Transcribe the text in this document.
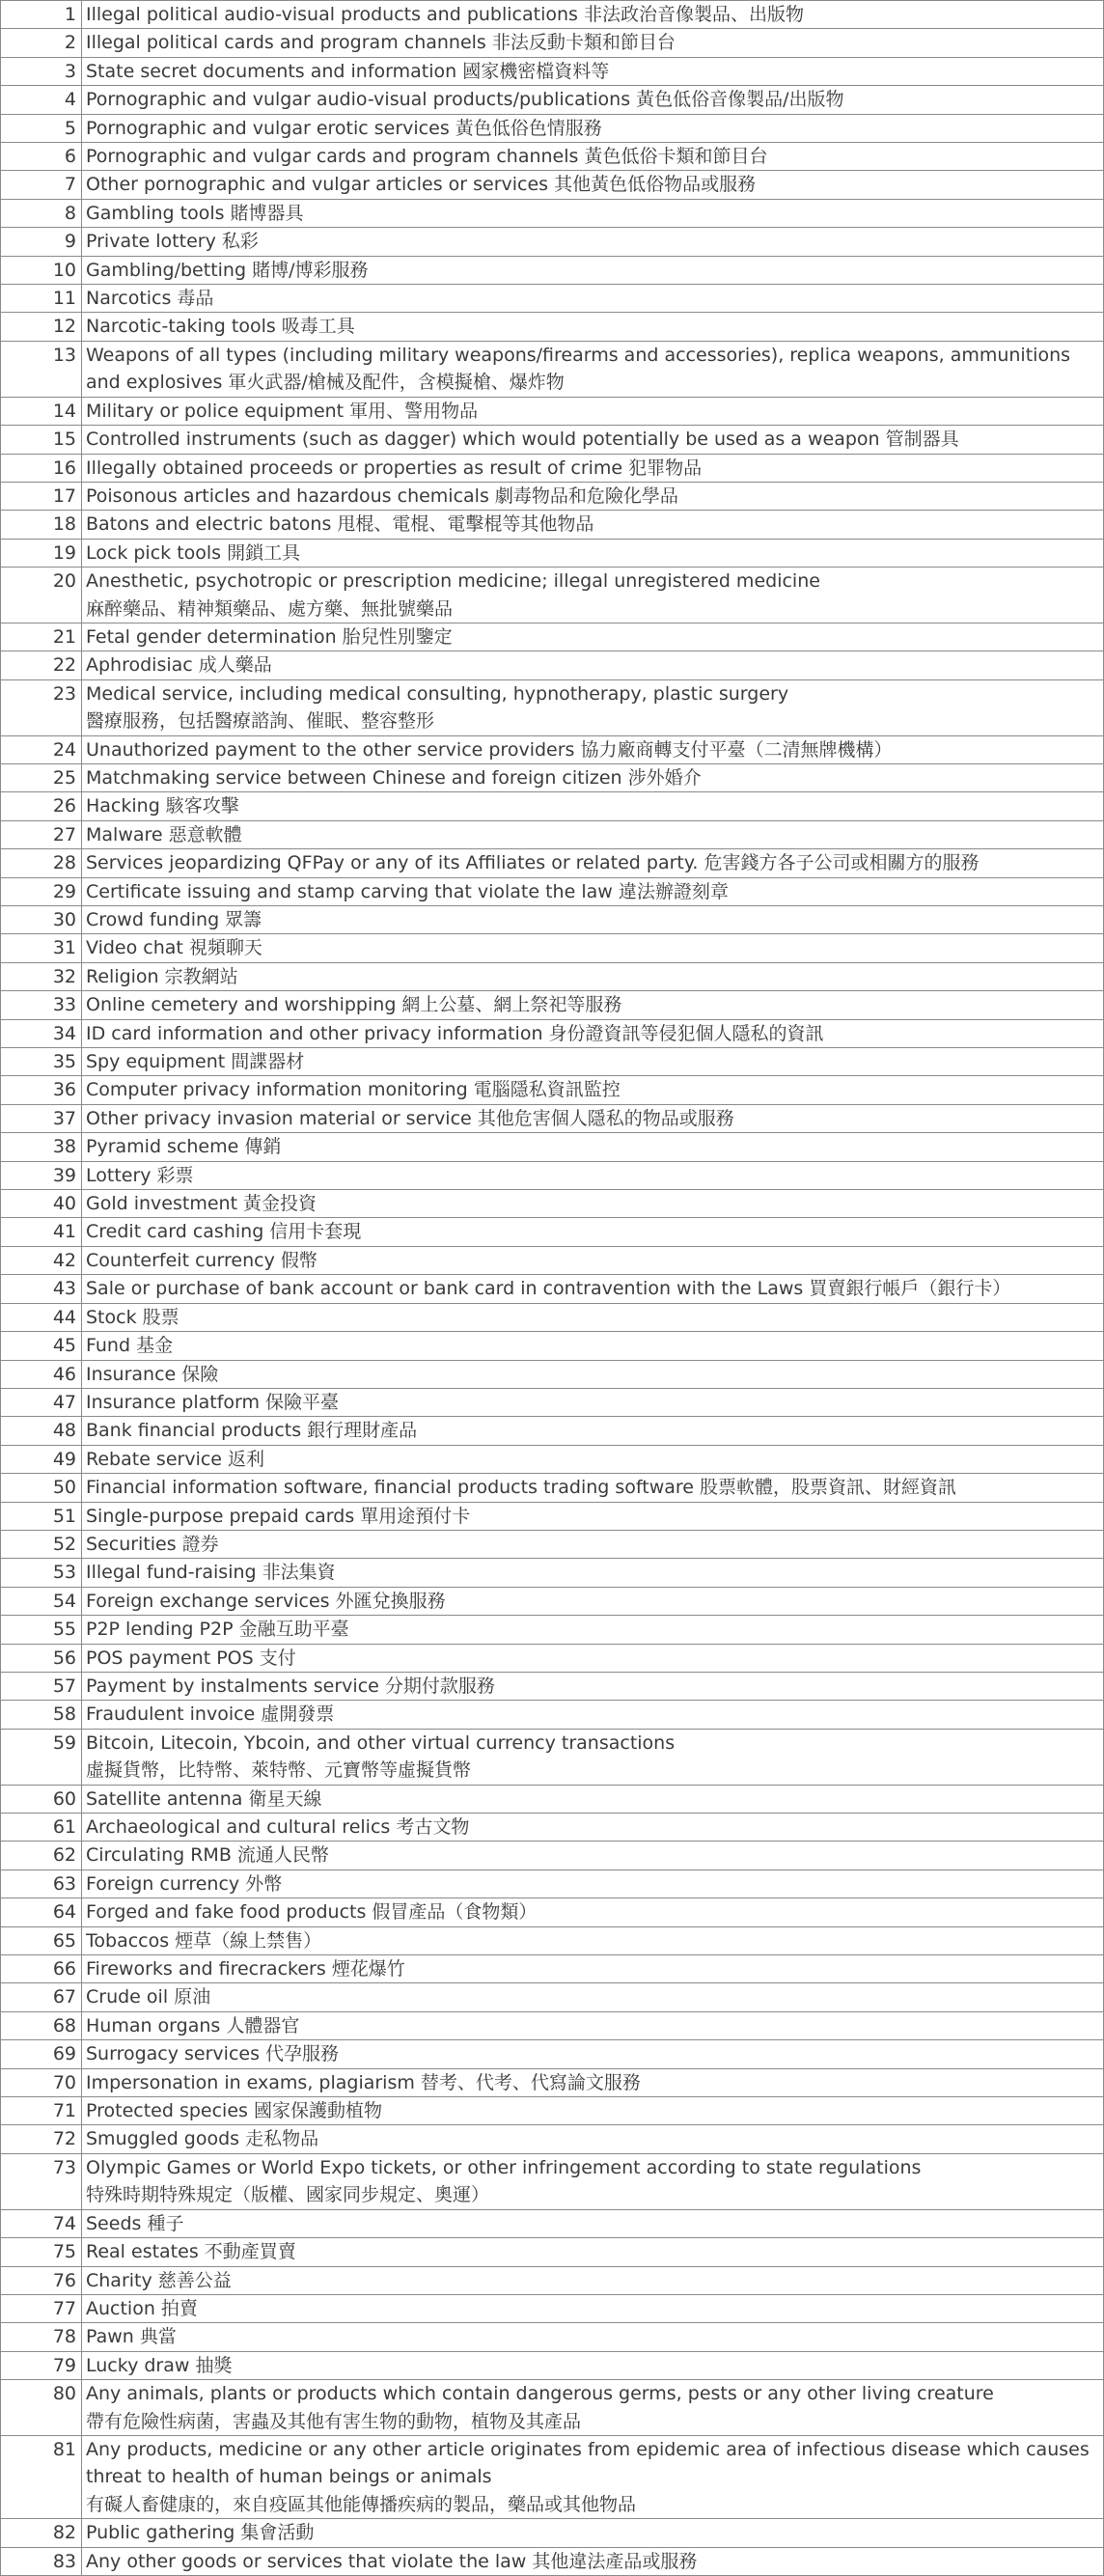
1	Illegal political audio-visual products and publications 非法政治音像製品、出版物

2	Illegal political cards and program channels 非法反動卡類和節目台

3	State secret documents and information 國家機密檔資料等

4	Pornographic and vulgar audio-visual products/publications 黃色低俗音像製品/出版物

5	Pornographic and vulgar erotic services 黃色低俗色情服務

6	Pornographic and vulgar cards and program channels 黃色低俗卡類和節目台

7	Other pornographic and vulgar articles or services 其他黃色低俗物品或服務

8	Gambling tools 賭博器具

9	Private lottery 私彩

10	Gambling/betting 賭博/博彩服務

11	Narcotics 毒品

12	Narcotic-taking tools 吸毒工具

13	Weapons of all types (including military weapons/firearms and accessories), replica weapons, ammunitions and explosives 軍火武器/槍械及配件，含模擬槍、爆炸物

14	Military or police equipment 軍用、警用物品

15	Controlled instruments (such as dagger) which would potentially be used as a weapon 管制器具

16	Illegally obtained proceeds or properties as result of crime 犯罪物品

17	Poisonous articles and hazardous chemicals 劇毒物品和危險化學品

18	Batons and electric batons 甩棍、電棍、電擊棍等其他物品

19	Lock pick tools 開鎖工具

20	Anesthetic, psychotropic or prescription medicine; illegal unregistered medicine
麻醉藥品、精神類藥品、處方藥、無批號藥品

21	Fetal gender determination 胎兒性別鑒定

22	Aphrodisiac 成人藥品

23	Medical service, including medical consulting, hypnotherapy, plastic surgery
醫療服務，包括醫療諮詢、催眠、整容整形

24	Unauthorized payment to the other service providers 協力廠商轉支付平臺（二清無牌機構）

25	Matchmaking service between Chinese and foreign citizen 涉外婚介

26	Hacking 駭客攻擊

27	Malware 惡意軟體

28	Services jeopardizing QFPay or any of its Affiliates or related party. 危害錢方各子公司或相關方的服務

29	Certificate issuing and stamp carving that violate the law 違法辦證刻章

30	Crowd funding 眾籌

31	Video chat 視頻聊天

32	Religion 宗教網站

33	Online cemetery and worshipping 網上公墓、網上祭祀等服務

34	ID card information and other privacy information 身份證資訊等侵犯個人隱私的資訊

35	Spy equipment 間諜器材

36	Computer privacy information monitoring 電腦隱私資訊監控

37	Other privacy invasion material or service 其他危害個人隱私的物品或服務

38	Pyramid scheme 傳銷

39	Lottery 彩票

40	Gold investment 黃金投資

41	Credit card cashing 信用卡套現

42	Counterfeit currency 假幣

43	Sale or purchase of bank account or bank card in contravention with the Laws 買賣銀行帳戶（銀行卡）

44	Stock 股票

45	Fund 基金

46	Insurance 保險

47	Insurance platform 保險平臺

48	Bank financial products 銀行理財產品

49	Rebate service 返利

50	Financial information software, financial products trading software 股票軟體，股票資訊、財經資訊

51	Single-purpose prepaid cards 單用途預付卡

52	Securities 證券

53	Illegal fund-raising 非法集資

54	Foreign exchange services 外匯兌換服務

55	P2P lending P2P 金融互助平臺

56	POS payment POS 支付

57	Payment by instalments service 分期付款服務

58	Fraudulent invoice 虛開發票

59	Bitcoin, Litecoin, Ybcoin, and other virtual currency transactions
虛擬貨幣，比特幣、萊特幣、元寶幣等虛擬貨幣

60	Satellite antenna 衛星天線

61	Archaeological and cultural relics 考古文物

62	Circulating RMB 流通人民幣

63	Foreign currency 外幣

64	Forged and fake food products 假冒產品（食物類）

65	Tobaccos 煙草（線上禁售）

66	Fireworks and firecrackers 煙花爆竹

67	Crude oil 原油

68	Human organs 人體器官

69	Surrogacy services 代孕服務

70	Impersonation in exams, plagiarism 替考、代考、代寫論文服務

71	Protected species 國家保護動植物

72	Smuggled goods 走私物品

73	Olympic Games or World Expo tickets, or other infringement according to state regulations
特殊時期特殊規定（版權、國家同步規定、奧運）

74	Seeds 種子

75	Real estates 不動產買賣

76	Charity 慈善公益

77	Auction 拍賣

78	Pawn 典當

79	Lucky draw 抽獎

80	Any animals, plants or products which contain dangerous germs, pests or any other living creature
帶有危險性病菌，害蟲及其他有害生物的動物，植物及其產品

81	Any products, medicine or any other article originates from epidemic area of infectious disease which causes threat to health of human beings or animals
有礙人畜健康的，來自疫區其他能傳播疾病的製品，藥品或其他物品

82	Public gathering 集會活動

83	Any other goods or services that violate the law 其他違法產品或服務
